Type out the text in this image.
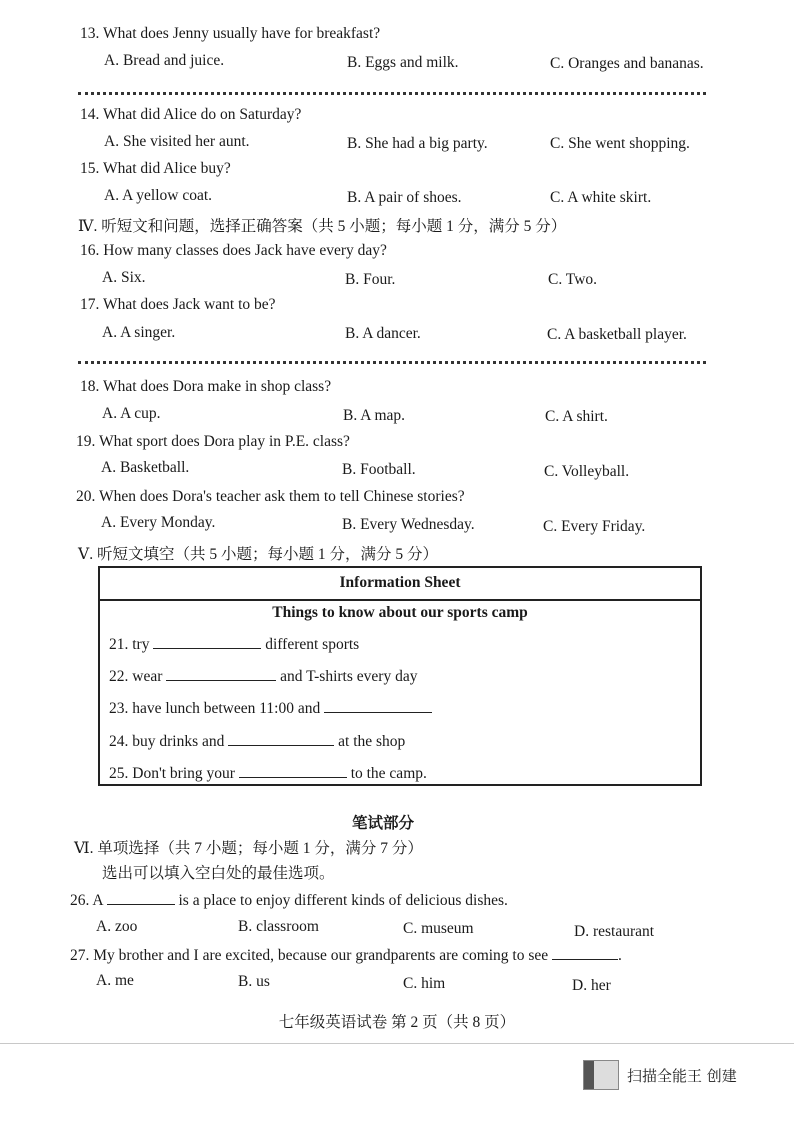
13. What does Jenny usually have for breakfast?
A. Bread and juice.	B. Eggs and milk.	C. Oranges and bananas.
14. What did Alice do on Saturday?
A. She visited her aunt.	B. She had a big party.	C. She went shopping.
15. What did Alice buy?
A. A yellow coat.	B. A pair of shoes.	C. A white skirt.
Ⅳ. 听短文和问题，选择正确答案（共 5 小题；每小题 1 分，满分 5 分）
16. How many classes does Jack have every day?
A. Six.	B. Four.	C. Two.
17. What does Jack want to be?
A. A singer.	B. A dancer.	C. A basketball player.
18. What does Dora make in shop class?
A. A cup.	B. A map.	C. A shirt.
19. What sport does Dora play in P.E. class?
A. Basketball.	B. Football.	C. Volleyball.
20. When does Dora's teacher ask them to tell Chinese stories?
A. Every Monday.	B. Every Wednesday.	C. Every Friday.
Ⅴ. 听短文填空（共 5 小题；每小题 1 分，满分 5 分）
Information Sheet
Things to know about our sports camp
21. try	different sports
22. wear	and T-shirts every day
23. have lunch between 11:00 and
24. buy drinks and	at the shop
25. Don't bring your	to the camp.
笔试部分
Ⅵ. 单项选择（共 7 小题；每小题 1 分，满分 7 分）
选出可以填入空白处的最佳选项。
26. A	is a place to enjoy different kinds of delicious dishes.
A. zoo	B. classroom	C. museum	D. restaurant
27. My brother and I are excited, because our grandparents are coming to see	.
A. me	B. us	C. him	D. her
七年级英语试卷 第 2 页（共 8 页）
扫描全能王 创建
